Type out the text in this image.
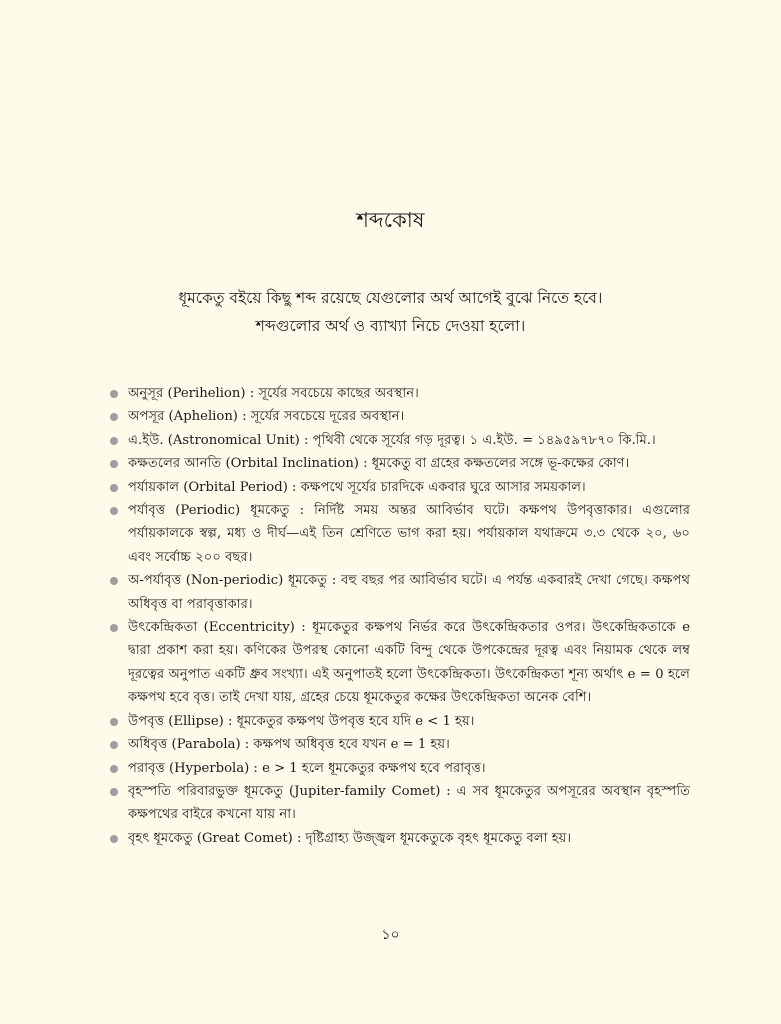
শব্দকোষ
ধূমকেতু বইয়ে কিছু শব্দ রয়েছে যেগুলোর অর্থ আগেই বুঝে নিতে হবে।
শব্দগুলোর অর্থ ও ব্যাখ্যা নিচে দেওয়া হলো।
অনুসূর (Perihelion) : সূর্যের সবচেয়ে কাছের অবস্থান।
অপসূর (Aphelion) : সূর্যের সবচেয়ে দূরের অবস্থান।
এ.ইউ. (Astronomical Unit) : পৃথিবী থেকে সূর্যের গড় দূরত্ব। ১ এ.ইউ. = ১৪৯৫৯৭৮৭০ কি.মি.।
কক্ষতলের আনতি (Orbital Inclination) : ধূমকেতু বা গ্রহের কক্ষতলের সঙ্গে ভূ-কক্ষের কোণ।
পর্যায়কাল (Orbital Period) : কক্ষপথে সূর্যের চারদিকে একবার ঘুরে আসার সময়কাল।
পর্যাবৃত্ত (Periodic) ধূমকেতু : নির্দিষ্ট সময় অন্তর আবির্ভাব ঘটে। কক্ষপথ উপবৃত্তাকার। এগুলোর পর্যায়কালকে স্বল্প, মধ্য ও দীর্ঘ—এই তিন শ্রেণিতে ভাগ করা হয়। পর্যায়কাল যথাক্রমে ৩.৩ থেকে ২০, ৬০ এবং সর্বোচ্চ ২০০ বছর।
অ-পর্যাবৃত্ত (Non-periodic) ধূমকেতু : বহু বছর পর আবির্ভাব ঘটে। এ পর্যন্ত একবারই দেখা গেছে। কক্ষপথ অধিবৃত্ত বা পরাবৃত্তাকার।
উৎকেন্দ্রিকতা (Eccentricity) : ধূমকেতুর কক্ষপথ নির্ভর করে উৎকেন্দ্রিকতার ওপর। উৎকেন্দ্রিকতাকে e দ্বারা প্রকাশ করা হয়। কণিকের উপরস্থ কোনো একটি বিন্দু থেকে উপকেন্দ্রের দূরত্ব এবং নিয়ামক থেকে লম্ব দূরত্বের অনুপাত একটি ধ্রুব সংখ্যা। এই অনুপাতই হলো উৎকেন্দ্রিকতা। উৎকেন্দ্রিকতা শূন্য অর্থাৎ e = 0 হলে কক্ষপথ হবে বৃত্ত। তাই দেখা যায়, গ্রহের চেয়ে ধূমকেতুর কক্ষের উৎকেন্দ্রিকতা অনেক বেশি।
উপবৃত্ত (Ellipse) : ধূমকেতুর কক্ষপথ উপবৃত্ত হবে যদি e < 1 হয়।
অধিবৃত্ত (Parabola) : কক্ষপথ অধিবৃত্ত হবে যখন e = 1 হয়।
পরাবৃত্ত (Hyperbola) : e > 1 হলে ধূমকেতুর কক্ষপথ হবে পরাবৃত্ত।
বৃহস্পতি পরিবারভুক্ত ধূমকেতু (Jupiter-family Comet) : এ সব ধূমকেতুর অপসূরের অবস্থান বৃহস্পতি কক্ষপথের বাইরে কখনো যায় না।
বৃহৎ ধূমকেতু (Great Comet) : দৃষ্টিগ্রাহ্য উজ্জ্বল ধূমকেতুকে বৃহৎ ধূমকেতু বলা হয়।
১০
